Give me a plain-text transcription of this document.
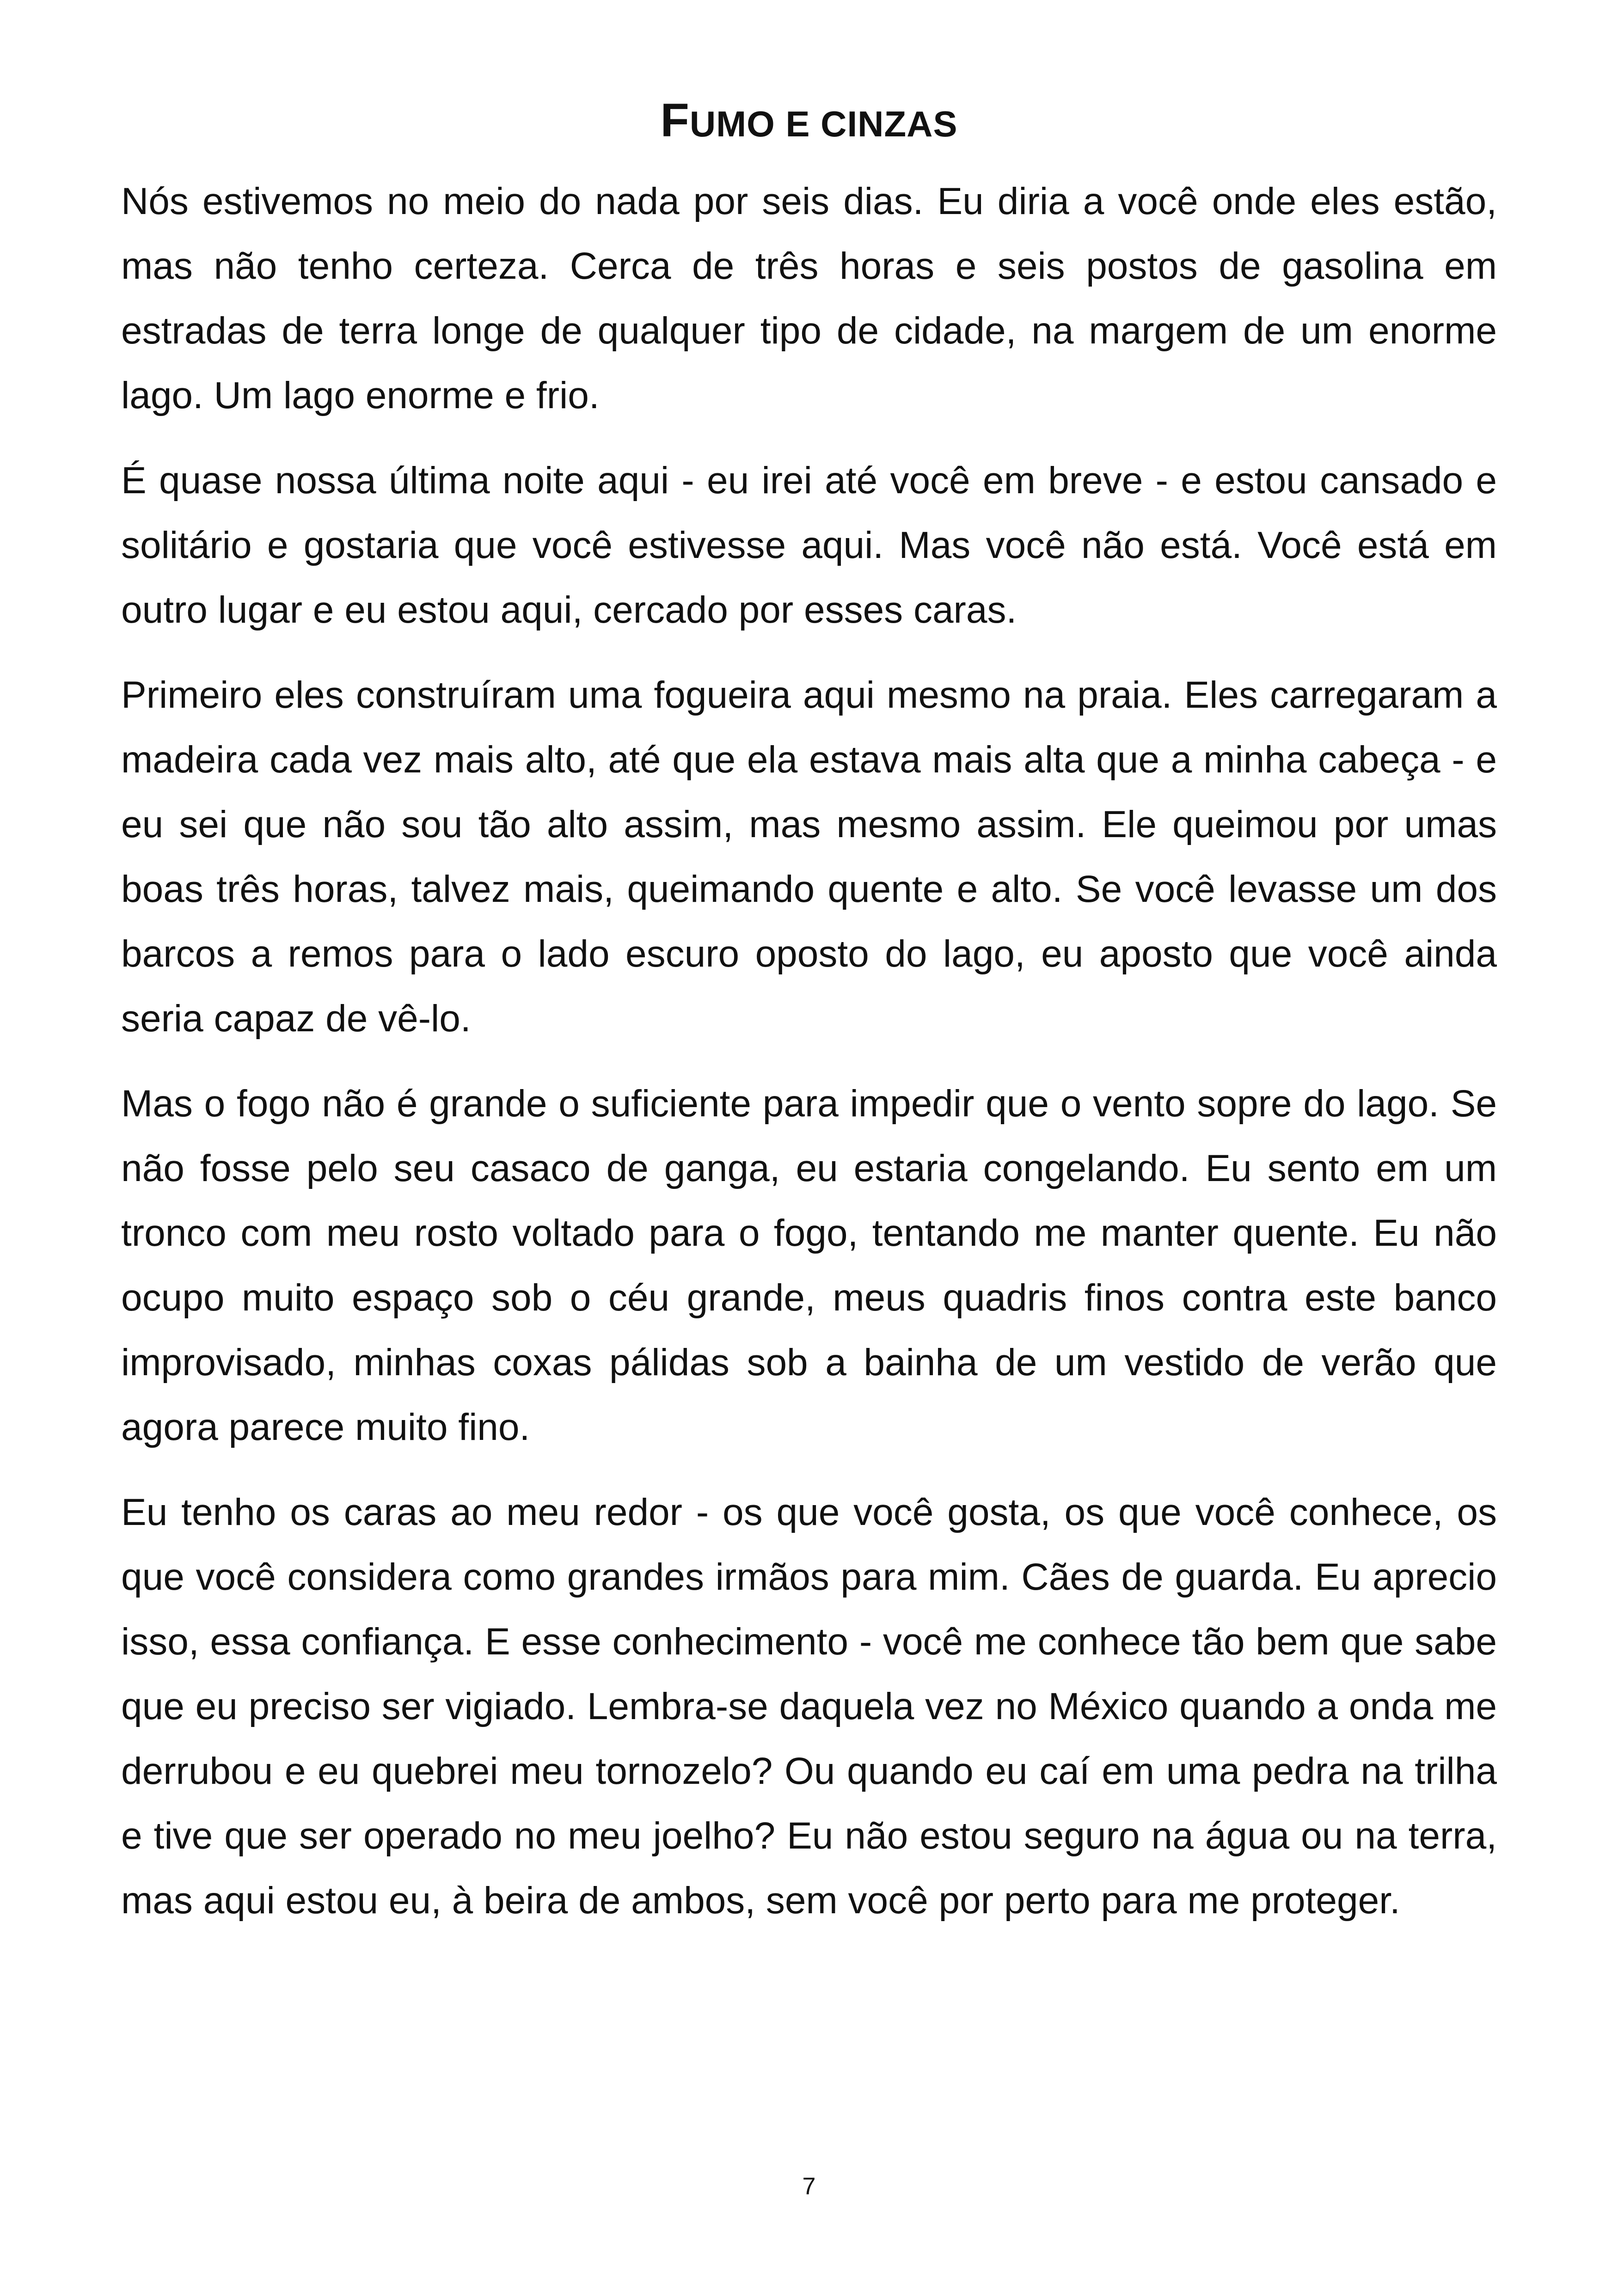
FUMO E CINZAS

Nós estivemos no meio do nada por seis dias. Eu diria a você onde eles estão, mas não tenho certeza. Cerca de três horas e seis postos de gasolina em estradas de terra longe de qualquer tipo de cidade, na margem de um enorme lago. Um lago enorme e frio.

É quase nossa última noite aqui - eu irei até você em breve - e estou cansado e solitário e gostaria que você estivesse aqui. Mas você não está. Você está em outro lugar e eu estou aqui, cercado por esses caras.

Primeiro eles construíram uma fogueira aqui mesmo na praia. Eles carregaram a madeira cada vez mais alto, até que ela estava mais alta que a minha cabeça - e eu sei que não sou tão alto assim, mas mesmo assim. Ele queimou por umas boas três horas, talvez mais, queimando quente e alto. Se você levasse um dos barcos a remos para o lado escuro oposto do lago, eu aposto que você ainda seria capaz de vê-lo.

Mas o fogo não é grande o suficiente para impedir que o vento sopre do lago. Se não fosse pelo seu casaco de ganga, eu estaria congelando. Eu sento em um tronco com meu rosto voltado para o fogo, tentando me manter quente. Eu não ocupo muito espaço sob o céu grande, meus quadris finos contra este banco improvisado, minhas coxas pálidas sob a bainha de um vestido de verão que agora parece muito fino.

Eu tenho os caras ao meu redor - os que você gosta, os que você conhece, os que você considera como grandes irmãos para mim. Cães de guarda. Eu aprecio isso, essa confiança. E esse conhecimento - você me conhece tão bem que sabe que eu preciso ser vigiado. Lembra-se daquela vez no México quando a onda me derrubou e eu quebrei meu tornozelo? Ou quando eu caí em uma pedra na trilha e tive que ser operado no meu joelho? Eu não estou seguro na água ou na terra, mas aqui estou eu, à beira de ambos, sem você por perto para me proteger.

7
